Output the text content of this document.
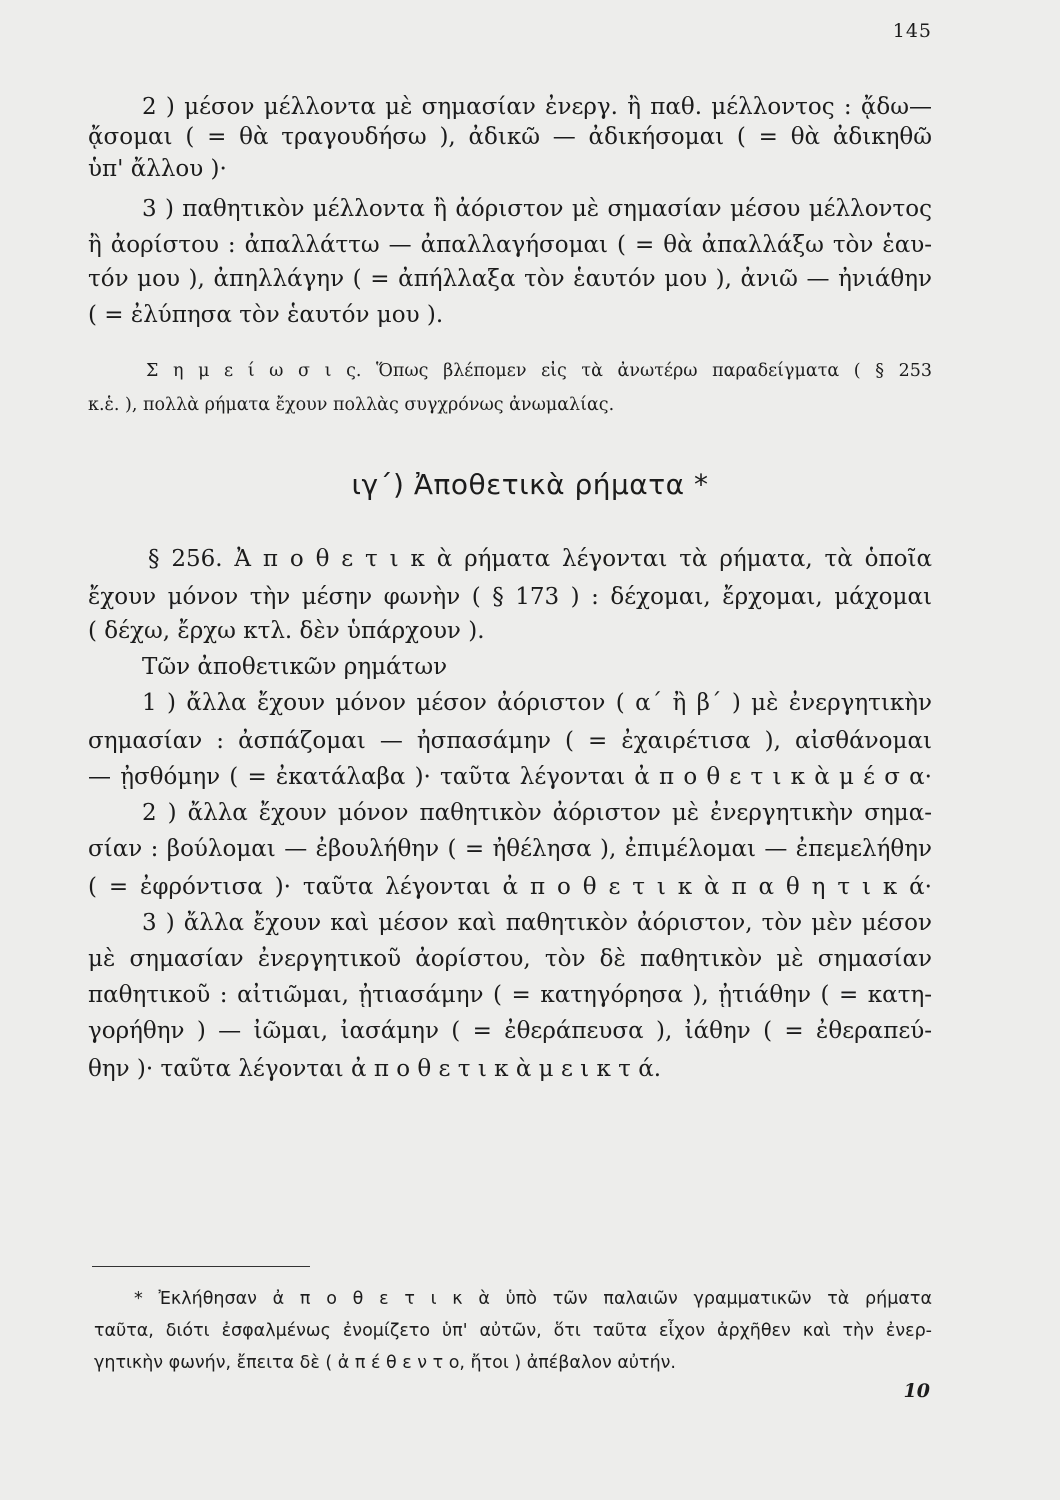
145
2 ) μέσον μέλλοντα μὲ σημασίαν ἐνεργ. ἢ παθ. μέλλοντος : ᾄδω—
ᾄσομαι ( = θὰ τραγουδήσω ), ἀδικῶ — ἀδικήσομαι ( = θὰ ἀδικηθῶ
ὑπ' ἄλλου )·
3 ) παθητικὸν μέλλοντα ἢ ἀόριστον μὲ σημασίαν μέσου μέλλοντος
ἢ ἀορίστου : ἀπαλλάττω — ἀπαλλαγήσομαι ( = θὰ ἀπαλλάξω τὸν ἑαυ-
τόν μου ), ἀπηλλάγην ( = ἀπήλλαξα τὸν ἑαυτόν μου ), ἀνιῶ — ἠνιάθην
( = ἐλύπησα τὸν ἑαυτόν μου ).
Σ η μ ε ί ω σ ι ς. Ὅπως βλέπομεν εἰς τὰ ἀνωτέρω παραδείγματα ( § 253
κ.ἑ. ), πολλὰ ρήματα ἔχουν πολλὰς συγχρόνως ἀνωμαλίας.
ιγ΄) Ἀποθετικὰ ρήματα *
§ 256. Ἀ π ο θ ε τ ι κ ὰ ρήματα λέγονται τὰ ρήματα, τὰ ὁποῖα
ἔχουν μόνον τὴν μέσην φωνὴν ( § 173 ) : δέχομαι, ἔρχομαι, μάχομαι
( δέχω, ἔρχω κτλ. δὲν ὑπάρχουν ).
Τῶν ἀποθετικῶν ρημάτων
1 ) ἄλλα ἔχουν μόνον μέσον ἀόριστον ( α΄ ἢ β΄ ) μὲ ἐνεργητικὴν
σημασίαν : ἀσπάζομαι — ἠσπασάμην ( = ἐχαιρέτισα ), αἰσθάνομαι
— ᾐσθόμην ( = ἐκατάλαβα )· ταῦτα λέγονται ἀ π ο θ ε τ ι κ ὰ μ έ σ α·
2 ) ἄλλα ἔχουν μόνον παθητικὸν ἀόριστον μὲ ἐνεργητικὴν σημα-
σίαν : βούλομαι — ἐβουλήθην ( = ἠθέλησα ), ἐπιμέλομαι — ἐπεμελήθην
( = ἐφρόντισα )· ταῦτα λέγονται ἀ π ο θ ε τ ι κ ὰ π α θ η τ ι κ ά·
3 ) ἄλλα ἔχουν καὶ μέσον καὶ παθητικὸν ἀόριστον, τὸν μὲν μέσον
μὲ σημασίαν ἐνεργητικοῦ ἀορίστου, τὸν δὲ παθητικὸν μὲ σημασίαν
παθητικοῦ : αἰτιῶμαι, ᾐτιασάμην ( = κατηγόρησα ), ᾐτιάθην ( = κατη-
γορήθην ) — ἰῶμαι, ἰασάμην ( = ἐθεράπευσα ), ἰάθην ( = ἐθεραπεύ-
θην )· ταῦτα λέγονται ἀ π ο θ ε τ ι κ ὰ μ ε ι κ τ ά.
* Ἐκλήθησαν ἀ π ο θ ε τ ι κ ὰ ὑπὸ τῶν παλαιῶν γραμματικῶν τὰ ρήματα
ταῦτα, διότι ἐσφαλμένως ἐνομίζετο ὑπ' αὐτῶν, ὅτι ταῦτα εἶχον ἀρχῆθεν καὶ τὴν ἐνερ-
γητικὴν φωνήν, ἔπειτα δὲ ( ἀ π έ θ ε ν τ ο, ἤτοι ) ἀπέβαλον αὐτήν.
10
